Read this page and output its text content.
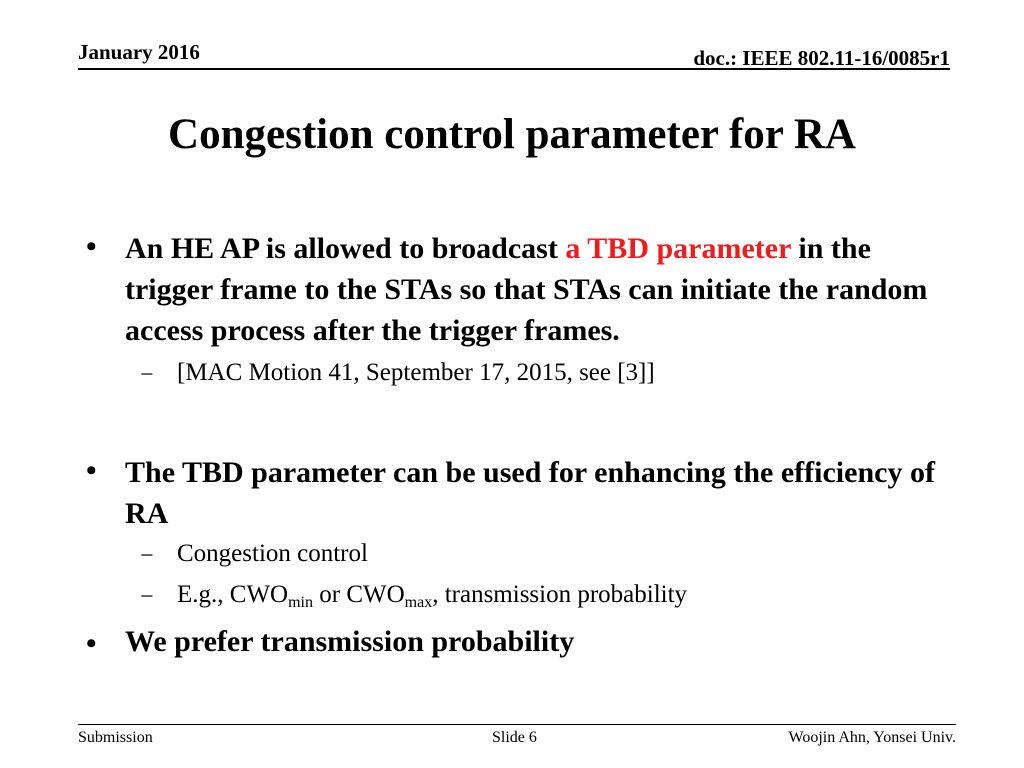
January 2016	doc.: IEEE 802.11-16/0085r1
Congestion control parameter for RA
• An HE AP is allowed to broadcast a TBD parameter in the trigger frame to the STAs so that STAs can initiate the random access process after the trigger frames.
− [MAC Motion 41, September 17, 2015, see [3]]
• The TBD parameter can be used for enhancing the efficiency of RA
− Congestion control
− E.g., $CWO_{min}$ or $CWO_{max}$, transmission probability
• We prefer transmission probability
Submission	Slide 6	Woojin Ahn, Yonsei Univ.
